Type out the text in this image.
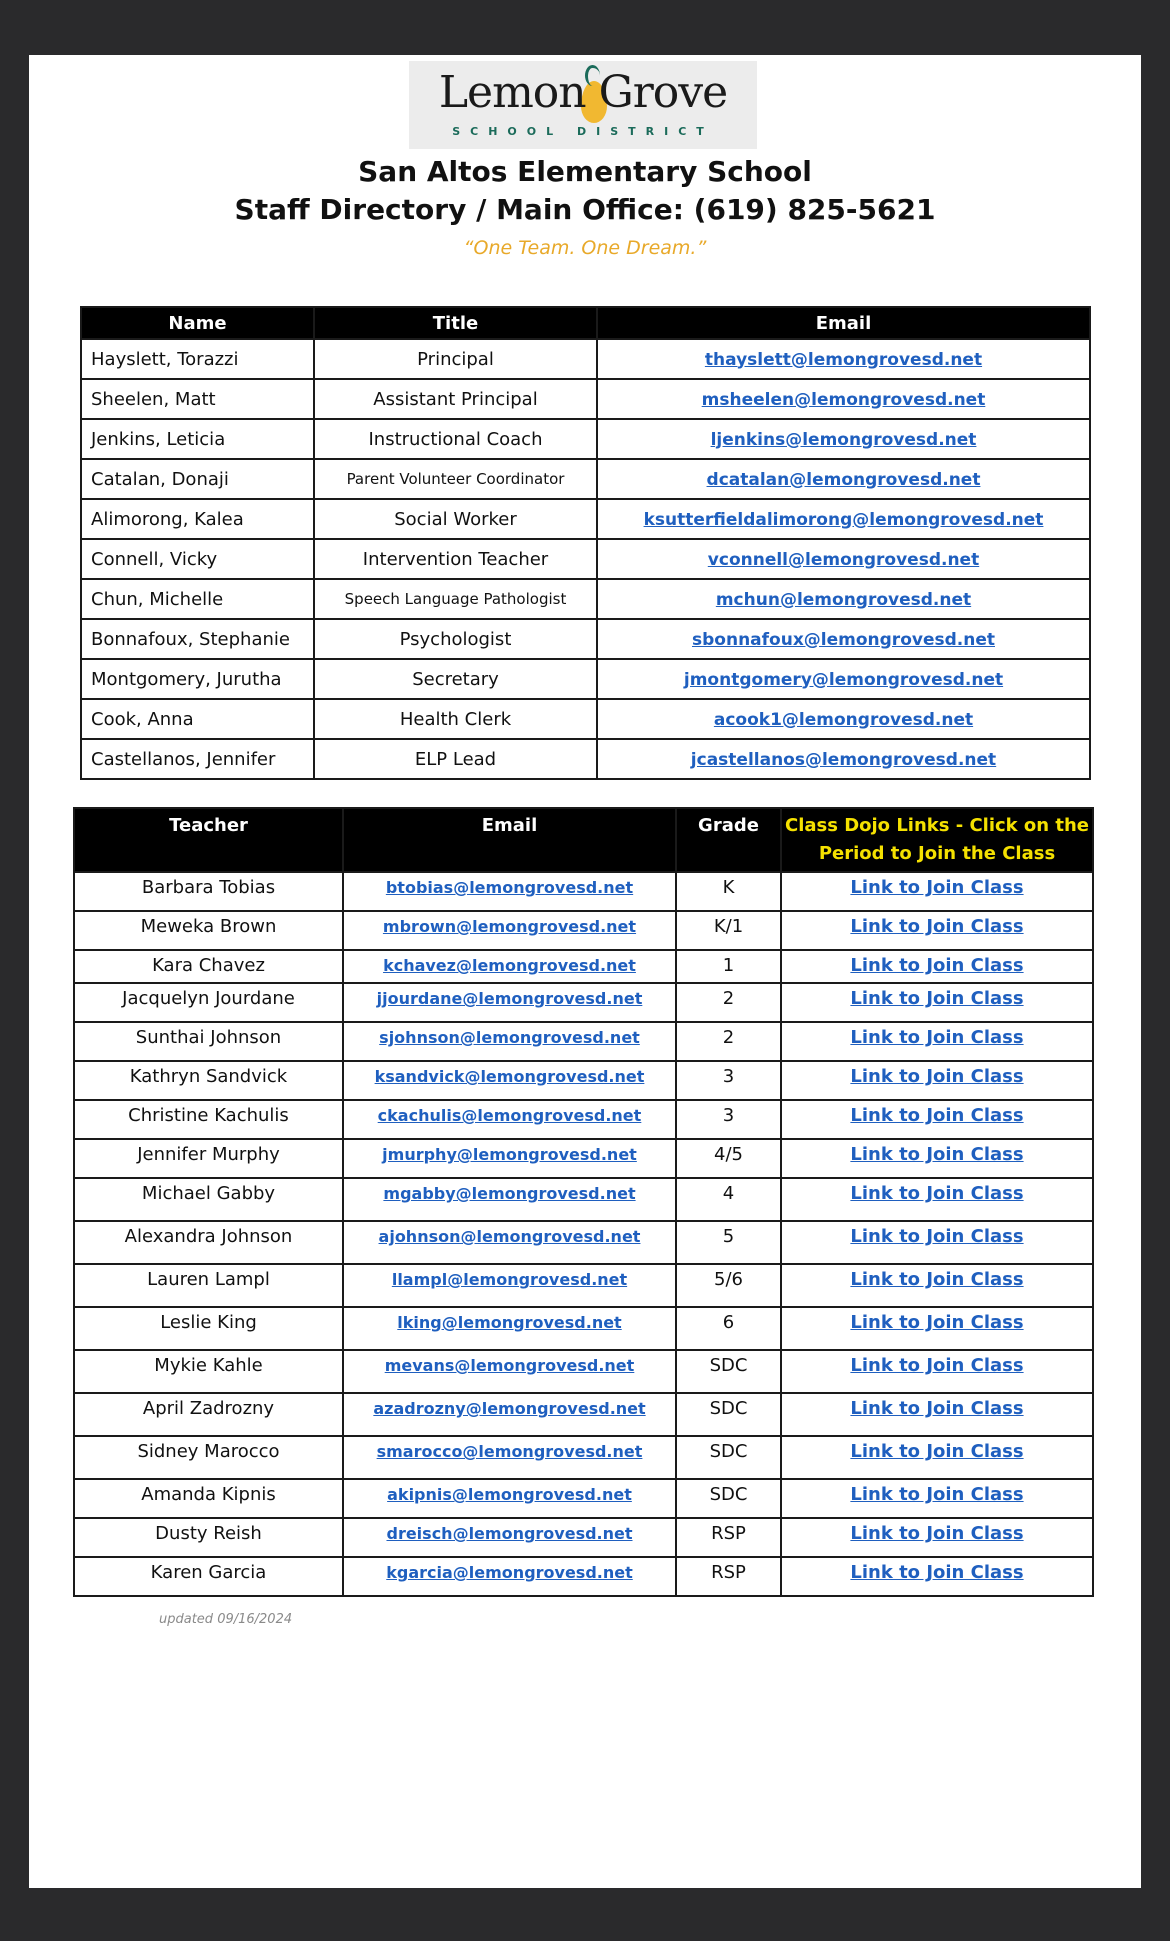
Lemon Grove
SCHOOL DISTRICT
San Altos Elementary School
Staff Directory / Main Office: (619) 825-5621
“One Team. One Dream.”
Name	Title	Email
Hayslett, Torazzi	Principal	thayslett@lemongrovesd.net
Sheelen, Matt	Assistant Principal	msheelen@lemongrovesd.net
Jenkins, Leticia	Instructional Coach	ljenkins@lemongrovesd.net
Catalan, Donaji	Parent Volunteer Coordinator	dcatalan@lemongrovesd.net
Alimorong, Kalea	Social Worker	ksutterfieldalimorong@lemongrovesd.net
Connell, Vicky	Intervention Teacher	vconnell@lemongrovesd.net
Chun, Michelle	Speech Language Pathologist	mchun@lemongrovesd.net
Bonnafoux, Stephanie	Psychologist	sbonnafoux@lemongrovesd.net
Montgomery, Jurutha	Secretary	jmontgomery@lemongrovesd.net
Cook, Anna	Health Clerk	acook1@lemongrovesd.net
Castellanos, Jennifer	ELP Lead	jcastellanos@lemongrovesd.net
Teacher	Email	Grade	Class Dojo Links - Click on the Period to Join the Class
Barbara Tobias	btobias@lemongrovesd.net	K	Link to Join Class
Meweka Brown	mbrown@lemongrovesd.net	K/1	Link to Join Class
Kara Chavez	kchavez@lemongrovesd.net	1	Link to Join Class
Jacquelyn Jourdane	jjourdane@lemongrovesd.net	2	Link to Join Class
Sunthai Johnson	sjohnson@lemongrovesd.net	2	Link to Join Class
Kathryn Sandvick	ksandvick@lemongrovesd.net	3	Link to Join Class
Christine Kachulis	ckachulis@lemongrovesd.net	3	Link to Join Class
Jennifer Murphy	jmurphy@lemongrovesd.net	4/5	Link to Join Class
Michael Gabby	mgabby@lemongrovesd.net	4	Link to Join Class
Alexandra Johnson	ajohnson@lemongrovesd.net	5	Link to Join Class
Lauren Lampl	llampl@lemongrovesd.net	5/6	Link to Join Class
Leslie King	lking@lemongrovesd.net	6	Link to Join Class
Mykie Kahle	mevans@lemongrovesd.net	SDC	Link to Join Class
April Zadrozny	azadrozny@lemongrovesd.net	SDC	Link to Join Class
Sidney Marocco	smarocco@lemongrovesd.net	SDC	Link to Join Class
Amanda Kipnis	akipnis@lemongrovesd.net	SDC	Link to Join Class
Dusty Reish	dreisch@lemongrovesd.net	RSP	Link to Join Class
Karen Garcia	kgarcia@lemongrovesd.net	RSP	Link to Join Class
updated 09/16/2024
